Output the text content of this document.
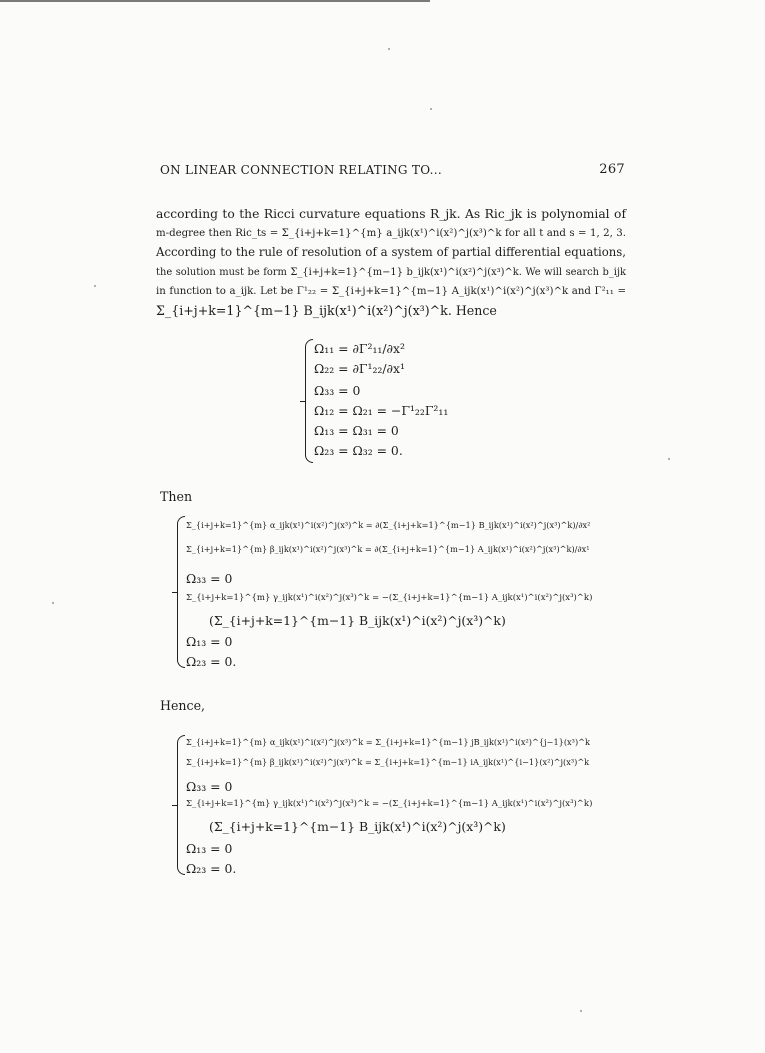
ON LINEAR CONNECTION RELATING TO...	267
according to the Ricci curvature equations R_jk. As Ric_jk is polynomial of
m-degree then Ric_ts = Σ_{i+j+k=1}^{m} a_ijk(x¹)^i(x²)^j(x³)^k for all t and s = 1, 2, 3.
According to the rule of resolution of a system of partial differential equations,
the solution must be form Σ_{i+j+k=1}^{m−1} b_ijk(x¹)^i(x²)^j(x³)^k. We will search b_ijk
in function to a_ijk. Let be Γ¹₂₂ = Σ_{i+j+k=1}^{m−1} A_ijk(x¹)^i(x²)^j(x³)^k and Γ²₁₁ =
Σ_{i+j+k=1}^{m−1} B_ijk(x¹)^i(x²)^j(x³)^k. Hence
Ω₁₁ = ∂Γ²₁₁/∂x²
Ω₂₂ = ∂Γ¹₂₂/∂x¹
Ω₃₃ = 0
Ω₁₂ = Ω₂₁ = −Γ¹₂₂Γ²₁₁
Ω₁₃ = Ω₃₁ = 0
Ω₂₃ = Ω₃₂ = 0.
Then
Σ_{i+j+k=1}^{m} α_ijk(x¹)^i(x²)^j(x³)^k = ∂(Σ_{i+j+k=1}^{m−1} B_ijk(x¹)^i(x²)^j(x³)^k)/∂x²
Σ_{i+j+k=1}^{m} β_ijk(x¹)^i(x²)^j(x³)^k = ∂(Σ_{i+j+k=1}^{m−1} A_ijk(x¹)^i(x²)^j(x³)^k)/∂x¹
Ω₃₃ = 0
Σ_{i+j+k=1}^{m} γ_ijk(x¹)^i(x²)^j(x³)^k = −(Σ_{i+j+k=1}^{m−1} A_ijk(x¹)^i(x²)^j(x³)^k)
(Σ_{i+j+k=1}^{m−1} B_ijk(x¹)^i(x²)^j(x³)^k)
Ω₁₃ = 0
Ω₂₃ = 0.
Hence,
Σ_{i+j+k=1}^{m} α_ijk(x¹)^i(x²)^j(x³)^k = Σ_{i+j+k=1}^{m−1} jB_ijk(x¹)^i(x²)^{j−1}(x³)^k
Σ_{i+j+k=1}^{m} β_ijk(x¹)^i(x²)^j(x³)^k = Σ_{i+j+k=1}^{m−1} iA_ijk(x¹)^{i−1}(x²)^j(x³)^k
Ω₃₃ = 0
Σ_{i+j+k=1}^{m} γ_ijk(x¹)^i(x²)^j(x³)^k = −(Σ_{i+j+k=1}^{m−1} A_ijk(x¹)^i(x²)^j(x³)^k)
(Σ_{i+j+k=1}^{m−1} B_ijk(x¹)^i(x²)^j(x³)^k)
Ω₁₃ = 0
Ω₂₃ = 0.
